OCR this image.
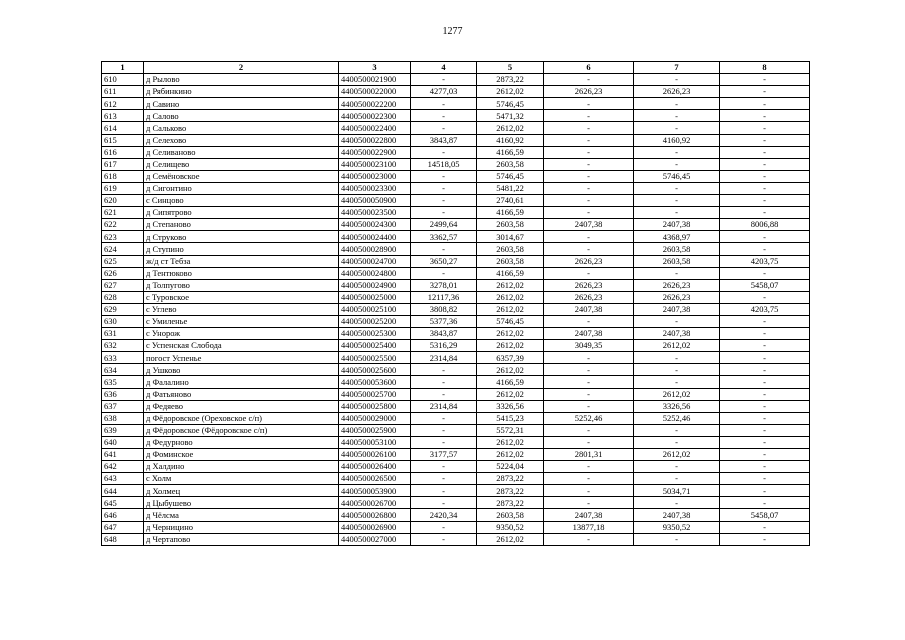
1277
1	2	3	4	5	6	7	8
610	д Рылово	4400500021900	-	2873,22	-	-	-
611	д Рябинкино	4400500022000	4277,03	2612,02	2626,23	2626,23	-
612	д Савино	4400500022200	-	5746,45	-	-	-
613	д Салово	4400500022300	-	5471,32	-	-	-
614	д Сальково	4400500022400	-	2612,02	-	-	-
615	д Селехово	4400500022800	3843,87	4160,92	-	4160,92	-
616	д Селиваново	4400500022900	-	4166,59	-	-	-
617	д Селищево	4400500023100	14518,05	2603,58	-	-	-
618	д Семёновское	4400500023000	-	5746,45	-	5746,45	-
619	д Сигонтино	4400500023300	-	5481,22	-	-	-
620	с Синцово	4400500050900	-	2740,61	-	-	-
621	д Сипятрово	4400500023500	-	4166,59	-	-	-
622	д Степаново	4400500024300	2499,64	2603,58	2407,38	2407,38	8006,88
623	д Струково	4400500024400	3362,57	3014,67	-	4368,97	-
624	д Ступино	4400500028900	-	2603,58	-	2603,58	-
625	ж/д ст Тебза	4400500024700	3650,27	2603,58	2626,23	2603,58	4203,75
626	д Тентюково	4400500024800	-	4166,59	-	-	-
627	д Толпугово	4400500024900	3278,01	2612,02	2626,23	2626,23	5458,07
628	с Туровское	4400500025000	12117,36	2612,02	2626,23	2626,23	-
629	с Углево	4400500025100	3808,82	2612,02	2407,38	2407,38	4203,75
630	с Умиленье	4400500025200	5377,36	5746,45	-	-	-
631	с Унорож	4400500025300	3843,87	2612,02	2407,38	2407,38	-
632	с Успенская Слобода	4400500025400	5316,29	2612,02	3049,35	2612,02	-
633	погост Успенье	4400500025500	2314,84	6357,39	-	-	-
634	д Ушково	4400500025600	-	2612,02	-	-	-
635	д Фалалино	4400500053600	-	4166,59	-	-	-
636	д Фатьяново	4400500025700	-	2612,02	-	2612,02	-
637	д Федяево	4400500025800	2314,84	3326,56	-	3326,56	-
638	д Фёдоровское (Ореховское с/п)	4400500029000	-	5415,23	5252,46	5252,46	-
639	д Фёдоровское (Фёдоровское с/п)	4400500025900	-	5572,31	-	-	-
640	д Федурново	4400500053100	-	2612,02	-	-	-
641	д Фоминское	4400500026100	3177,57	2612,02	2801,31	2612,02	-
642	д Халдино	4400500026400	-	5224,04	-	-	-
643	с Холм	4400500026500	-	2873,22	-	-	-
644	д Холмец	4400500053900	-	2873,22	-	5034,71	-
645	д Цыбушево	4400500026700	-	2873,22	-	-	-
646	д Чёлсма	4400500026800	2420,34	2603,58	2407,38	2407,38	5458,07
647	д Черницино	4400500026900	-	9350,52	13877,18	9350,52	-
648	д Чертапово	4400500027000	-	2612,02	-	-	-
